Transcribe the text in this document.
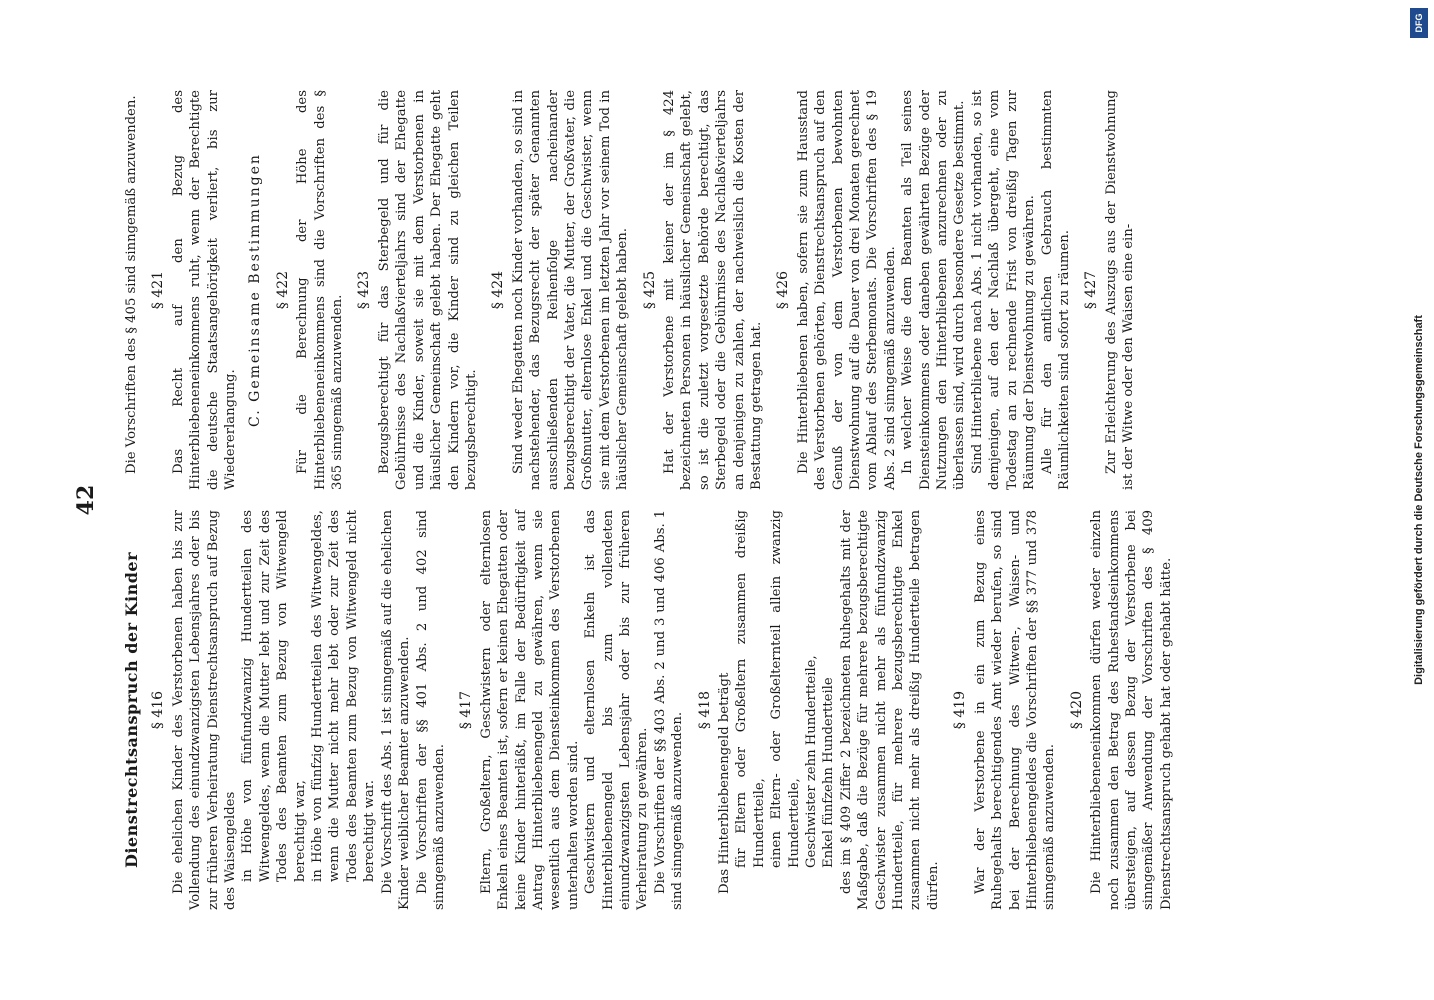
42
Dienstrechtsanspruch der Kinder § 416 Die ehelichen Kinder des Verstorbenen haben bis zur Vollendung des einundzwanzigsten Lebensjahres oder bis zur früheren Verheiratung Dienstrechtsanspruch auf Bezug des Waisengeldes in Höhe von fünfundzwanzig Hundertteilen des Witwengeldes, wenn die Mutter lebt und zur Zeit des Todes des Beamten zum Bezug von Witwengeld berechtigt war, in Höhe von fünfzig Hundertteilen des Witwengeldes, wenn die Mutter nicht mehr lebt oder zur Zeit des Todes des Beamten zum Bezug von Witwengeld nicht berechtigt war. Die Vorschrift des Abs. 1 ist sinngemäß auf die ehelichen Kinder weiblicher Beamter anzuwenden. Die Vorschriften der §§ 401 Abs. 2 und 402 sind sinngemäß anzuwenden.
§ 417 Eltern, Großeltern, Geschwistern oder elternlosen Enkeln eines Beamten ist, sofern er keinen Ehegatten oder keine Kinder hinterläßt, im Falle der Bedürftigkeit auf Antrag Hinterbliebenengeld zu gewähren, wenn sie wesentlich aus dem Diensteinkommen des Verstorbenen unterhalten worden sind. Geschwistern und elternlosen Enkeln ist das Hinterbliebenengeld bis zum vollendeten einundzwanzigsten Lebensjahr oder bis zur früheren Verheiratung zu gewähren. Die Vorschriften der §§ 403 Abs. 2 und 3 und 406 Abs. 1 sind sinngemäß anzuwenden.
§ 418 Das Hinterbliebenengeld beträgt für Eltern oder Großeltern zusammen dreißig Hundertteile, einen Eltern- oder Großelternteil allein zwanzig Hundertteile, Geschwister zehn Hundertteile, Enkel fünfzehn Hundertteile des im § 409 Ziffer 2 bezeichneten Ruhegehalts mit der Maßgabe, daß die Bezüge für mehrere bezugsberechtigte Geschwister zusammen nicht mehr als fünfundzwanzig Hundertteile, für mehrere bezugsberechtigte Enkel zusammen nicht mehr als dreißig Hundertteile betragen dürfen.
§ 419 War der Verstorbene in ein zum Bezug eines Ruhegehalts berechtigendes Amt wieder berufen, so sind bei der Berechnung des Witwen-, Waisen- und Hinterbliebenengeldes die Vorschriften der §§ 377 und 378 sinngemäß anzuwenden.
§ 420 Die Hinterbliebeneneinkommen dürfen weder einzeln noch zusammen den Betrag des Ruhestandseinkommens übersteigen, auf dessen Bezug der Verstorbene bei sinngemäßer Anwendung der Vorschriften des § 409 Dienstrechtsanspruch gehabt hat oder gehabt hätte.
Die Vorschriften des § 405 sind sinngemäß anzuwenden. § 421 Das Recht auf den Bezug des Hinterbliebeneneinkommens ruht, wenn der Berechtigte die deutsche Staatsangehörigkeit verliert, bis zur Wiedererlangung.
C. Gemeinsame Bestimmungen § 422 Für die Berechnung der Höhe des Hinterbliebeneneinkommens sind die Vorschriften des § 365 sinngemäß anzuwenden.
§ 423 Bezugsberechtigt für das Sterbegeld und für die Gebührnisse des Nachlaßvierteljahrs sind der Ehegatte und die Kinder, soweit sie mit dem Verstorbenen in häuslicher Gemeinschaft gelebt haben. Der Ehegatte geht den Kindern vor, die Kinder sind zu gleichen Teilen bezugsberechtigt.
§ 424 Sind weder Ehegatten noch Kinder vorhanden, so sind in nachstehender, das Bezugsrecht der später Genannten ausschließenden Reihenfolge nacheinander bezugsberechtigt der Vater, die Mutter, der Großvater, die Großmutter, elternlose Enkel und die Geschwister, wenn sie mit dem Verstorbenen im letzten Jahr vor seinem Tod in häuslicher Gemeinschaft gelebt haben. § 425 Hat der Verstorbene mit keiner der im § 424 bezeichneten Personen in häuslicher Gemeinschaft gelebt, so ist die zuletzt vorgesetzte Behörde berechtigt, das Sterbegeld oder die Gebührnisse des Nachlaßvierteljahrs an denjenigen zu zahlen, der nachweislich die Kosten der Bestattung getragen hat.
§ 426 Die Hinterbliebenen haben, sofern sie zum Hausstand des Verstorbenen gehörten, Dienstrechtsanspruch auf den Genuß der von dem Verstorbenen bewohnten Dienstwohnung auf die Dauer von drei Monaten gerechnet vom Ablauf des Sterbemonats. Die Vorschriften des § 19 Abs. 2 sind sinngemäß anzuwenden. In welcher Weise die dem Beamten als Teil seines Diensteinkommens oder daneben gewährten Bezüge oder Nutzungen den Hinterbliebenen anzurechnen oder zu überlassen sind, wird durch besondere Gesetze bestimmt. Sind Hinterbliebene nach Abs. 1 nicht vorhanden, so ist demjenigen, auf den der Nachlaß übergeht, eine vom Todestag an zu rechnende Frist von dreißig Tagen zur Räumung der Dienstwohnung zu gewähren. Alle für den amtlichen Gebrauch bestimmten Räumlichkeiten sind sofort zu räumen. § 427 Zur Erleichterung des Auszugs aus der Dienstwohnung ist der Witwe oder den Waisen eine ein-
DFG
Digitalisierung gefördert durch die Deutsche Forschungsgemeinschaft
